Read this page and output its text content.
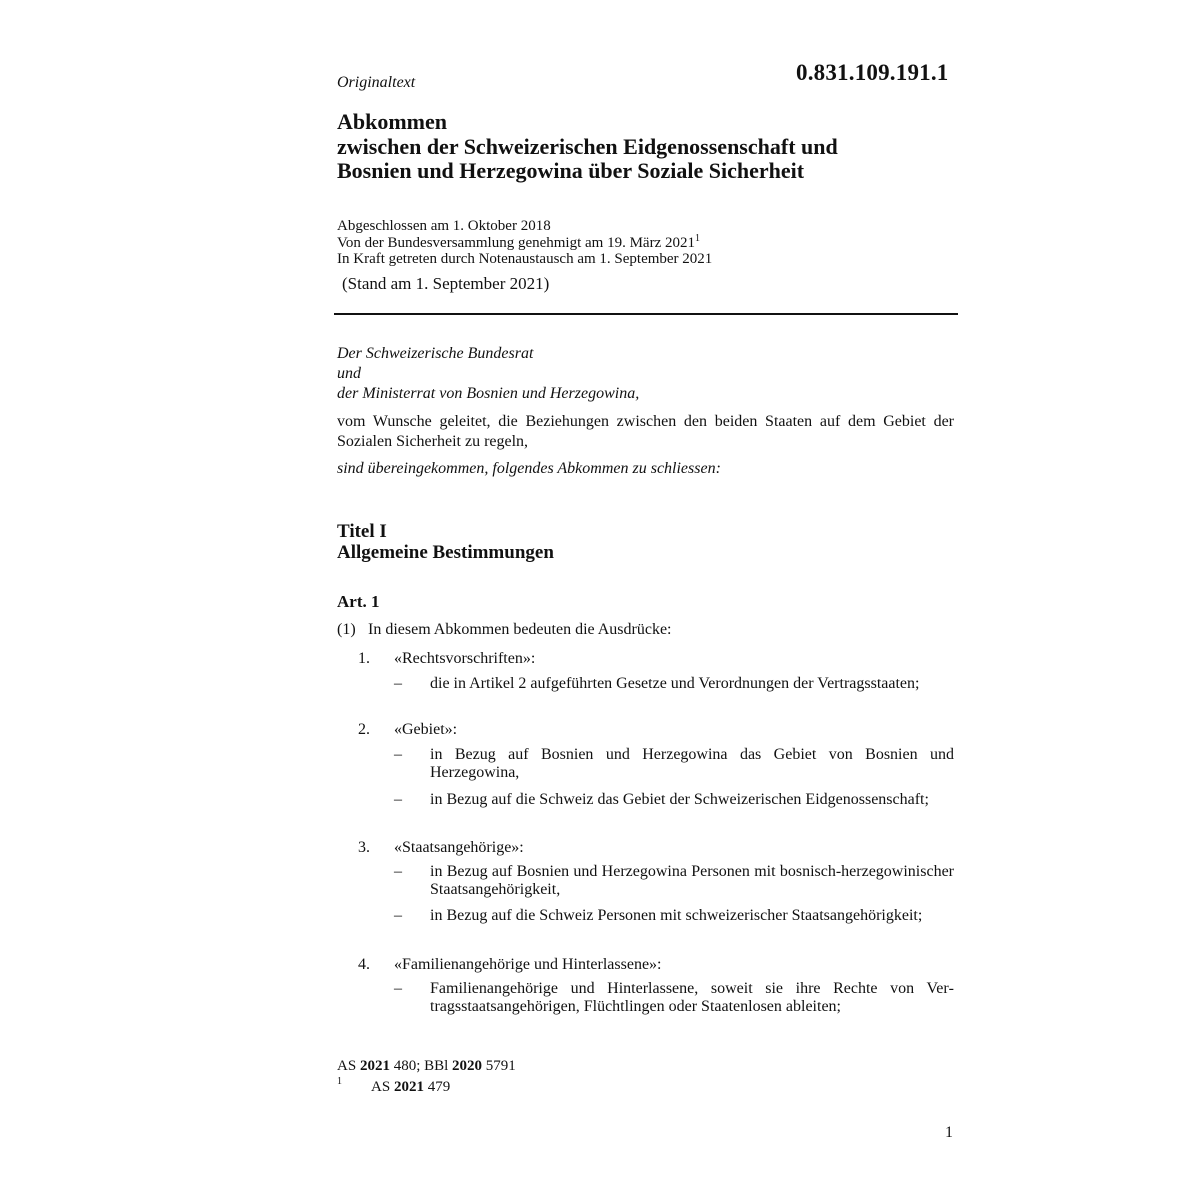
0.831.109.191.1
Originaltext
Abkommen
zwischen der Schweizerischen Eidgenossenschaft und
Bosnien und Herzegowina über Soziale Sicherheit
Abgeschlossen am 1. Oktober 2018
Von der Bundesversammlung genehmigt am 19. März 2021$^1$
In Kraft getreten durch Notenaustausch am 1. September 2021
(Stand am 1. September 2021)
Der Schweizerische Bundesrat
und
der Ministerrat von Bosnien und Herzegowina,
vom Wunsche geleitet, die Beziehungen zwischen den beiden Staaten auf dem Gebiet der Sozialen Sicherheit zu regeln,
sind übereingekommen, folgendes Abkommen zu schliessen:
Titel I
Allgemeine Bestimmungen
Art. 1
(1) In diesem Abkommen bedeuten die Ausdrücke:
1. «Rechtsvorschriften»:
– die in Artikel 2 aufgeführten Gesetze und Verordnungen der Vertragsstaaten;
2. «Gebiet»:
– in Bezug auf Bosnien und Herzegowina das Gebiet von Bosnien und Herzegowina,
– in Bezug auf die Schweiz das Gebiet der Schweizerischen Eidgenossenschaft;
3. «Staatsangehörige»:
– in Bezug auf Bosnien und Herzegowina Personen mit bosnisch-herzegowinischer Staatsangehörigkeit,
– in Bezug auf die Schweiz Personen mit schweizerischer Staatsangehörigkeit;
4. «Familienangehörige und Hinterlassene»:
– Familienangehörige und Hinterlassene, soweit sie ihre Rechte von Vertragsstaatsangehörigen, Flüchtlingen oder Staatenlosen ableiten;
AS 2021 480; BBl 2020 5791
1 AS 2021 479
1
